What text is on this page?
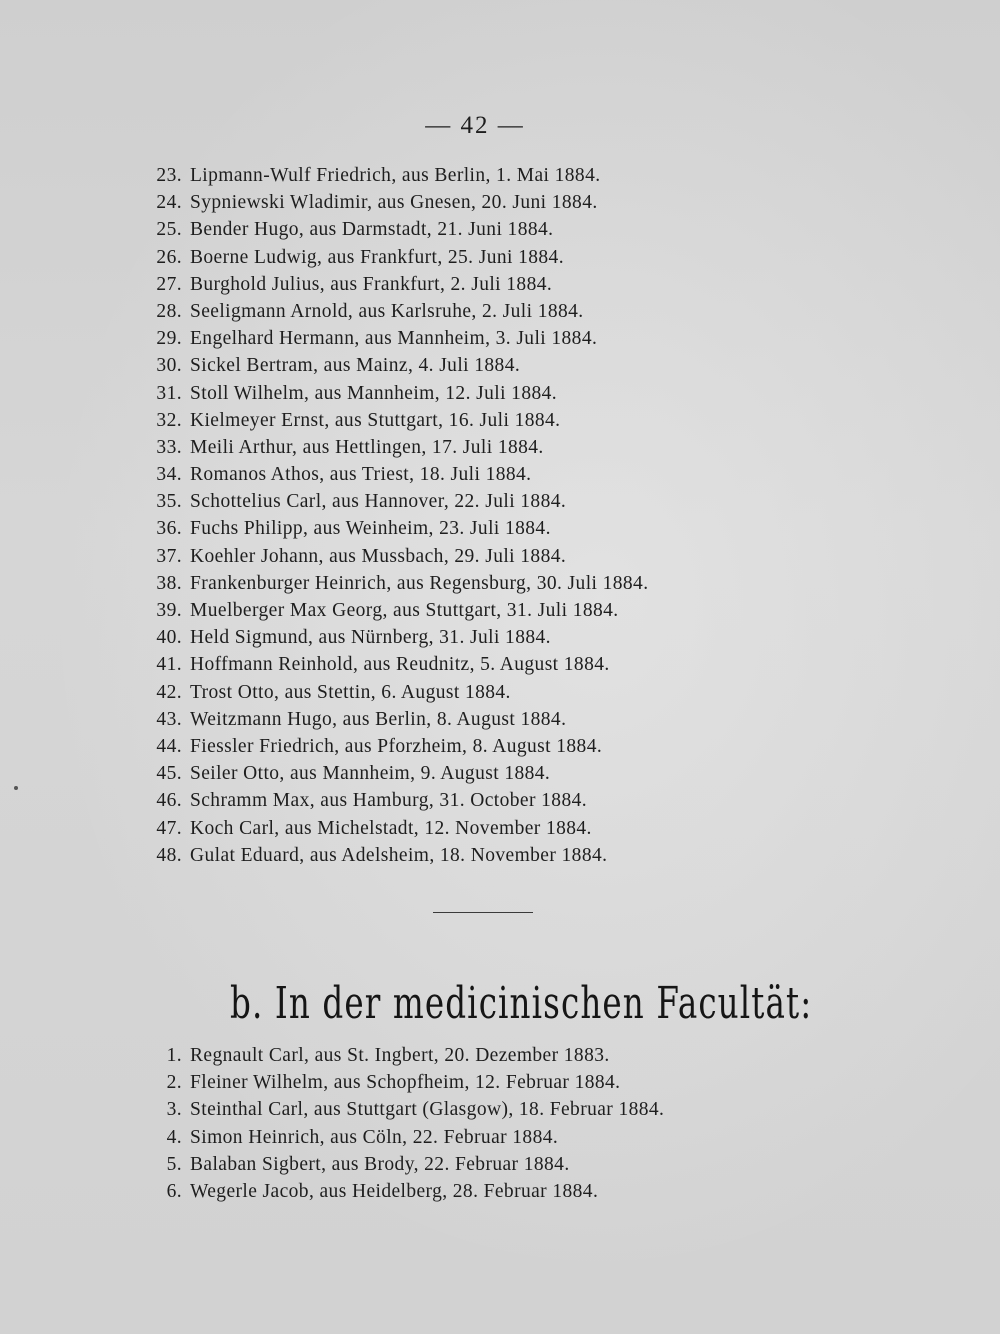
— 42 —
23. Lipmann-Wulf Friedrich, aus Berlin, 1. Mai 1884.
24. Sypniewski Wladimir, aus Gnesen, 20. Juni 1884.
25. Bender Hugo, aus Darmstadt, 21. Juni 1884.
26. Boerne Ludwig, aus Frankfurt, 25. Juni 1884.
27. Burghold Julius, aus Frankfurt, 2. Juli 1884.
28. Seeligmann Arnold, aus Karlsruhe, 2. Juli 1884.
29. Engelhard Hermann, aus Mannheim, 3. Juli 1884.
30. Sickel Bertram, aus Mainz, 4. Juli 1884.
31. Stoll Wilhelm, aus Mannheim, 12. Juli 1884.
32. Kielmeyer Ernst, aus Stuttgart, 16. Juli 1884.
33. Meili Arthur, aus Hettlingen, 17. Juli 1884.
34. Romanos Athos, aus Triest, 18. Juli 1884.
35. Schottelius Carl, aus Hannover, 22. Juli 1884.
36. Fuchs Philipp, aus Weinheim, 23. Juli 1884.
37. Koehler Johann, aus Mussbach, 29. Juli 1884.
38. Frankenburger Heinrich, aus Regensburg, 30. Juli 1884.
39. Muelberger Max Georg, aus Stuttgart, 31. Juli 1884.
40. Held Sigmund, aus Nürnberg, 31. Juli 1884.
41. Hoffmann Reinhold, aus Reudnitz, 5. August 1884.
42. Trost Otto, aus Stettin, 6. August 1884.
43. Weitzmann Hugo, aus Berlin, 8. August 1884.
44. Fiessler Friedrich, aus Pforzheim, 8. August 1884.
45. Seiler Otto, aus Mannheim, 9. August 1884.
46. Schramm Max, aus Hamburg, 31. October 1884.
47. Koch Carl, aus Michelstadt, 12. November 1884.
48. Gulat Eduard, aus Adelsheim, 18. November 1884.
b. In der medicinischen Facultät:
1. Regnault Carl, aus St. Ingbert, 20. Dezember 1883.
2. Fleiner Wilhelm, aus Schopfheim, 12. Februar 1884.
3. Steinthal Carl, aus Stuttgart (Glasgow), 18. Februar 1884.
4. Simon Heinrich, aus Cöln, 22. Februar 1884.
5. Balaban Sigbert, aus Brody, 22. Februar 1884.
6. Wegerle Jacob, aus Heidelberg, 28. Februar 1884.
